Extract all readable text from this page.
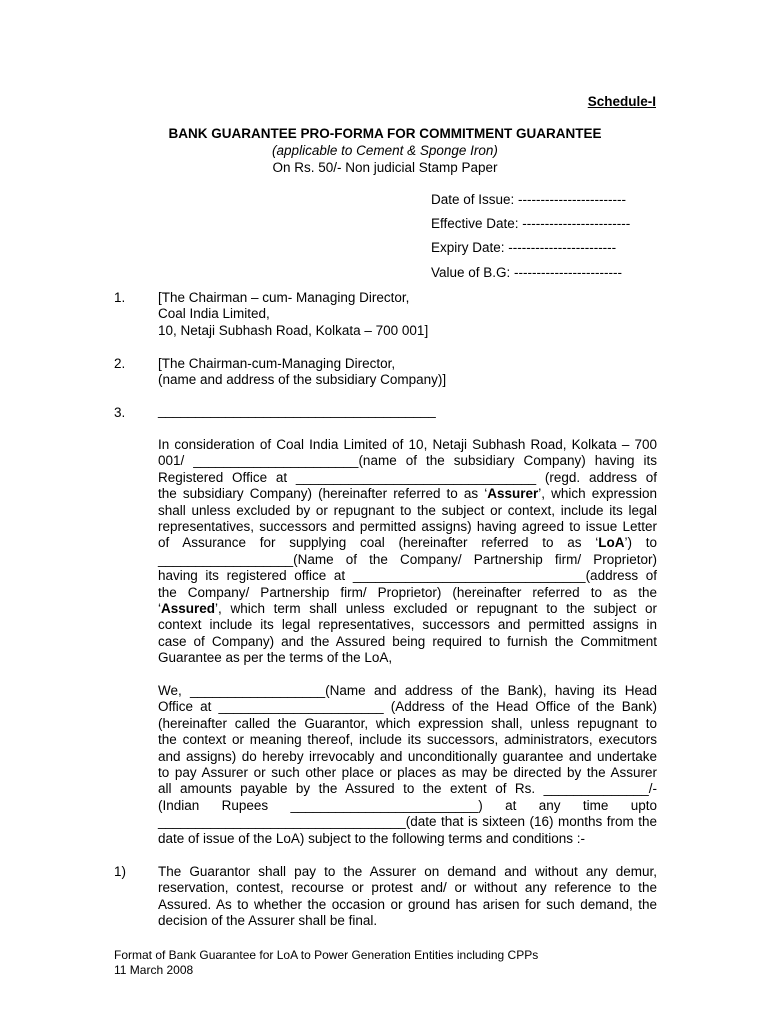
Schedule-I
BANK GUARANTEE PRO-FORMA FOR COMMITMENT GUARANTEE
(applicable to Cement & Sponge Iron)
On Rs. 50/- Non judicial Stamp Paper
Date of Issue: ------------------------
Effective Date: ------------------------
Expiry Date: ------------------------
Value of B.G: ------------------------
1. [The Chairman – cum- Managing Director,
Coal India Limited,
10, Netaji Subhash Road, Kolkata – 700 001]
2. [The Chairman-cum-Managing Director,
(name and address of the subsidiary Company)]
3. _____________________________________
In consideration of Coal India Limited of 10, Netaji Subhash Road, Kolkata – 700
001/ ______________________(name of the subsidiary Company) having its
Registered Office at ________________________________ (regd. address of
the subsidiary Company) (hereinafter referred to as ‘Assurer’, which expression
shall unless excluded by or repugnant to the subject or context, include its legal
representatives, successors and permitted assigns) having agreed to issue Letter
of Assurance for supplying coal (hereinafter referred to as ‘LoA’) to
__________________(Name of the Company/ Partnership firm/ Proprietor)
having its registered office at _______________________________(address of
the Company/ Partnership firm/ Proprietor) (hereinafter referred to as the
‘Assured’, which term shall unless excluded or repugnant to the subject or
context include its legal representatives, successors and permitted assigns in
case of Company) and the Assured being required to furnish the Commitment
Guarantee as per the terms of the LoA,
We, __________________(Name and address of the Bank), having its Head
Office at ______________________ (Address of the Head Office of the Bank)
(hereinafter called the Guarantor, which expression shall, unless repugnant to
the context or meaning thereof, include its successors, administrators, executors
and assigns) do hereby irrevocably and unconditionally guarantee and undertake
to pay Assurer or such other place or places as may be directed by the Assurer
all amounts payable by the Assured to the extent of Rs. ______________/-
(Indian Rupees _________________________) at any time upto
_________________________________(date that is sixteen (16) months from the
date of issue of the LoA) subject to the following terms and conditions :-
1) The Guarantor shall pay to the Assurer on demand and without any demur,
reservation, contest, recourse or protest and/ or without any reference to the
Assured. As to whether the occasion or ground has arisen for such demand, the
decision of the Assurer shall be final.
Format of Bank Guarantee for LoA to Power Generation Entities including CPPs
11 March 2008
